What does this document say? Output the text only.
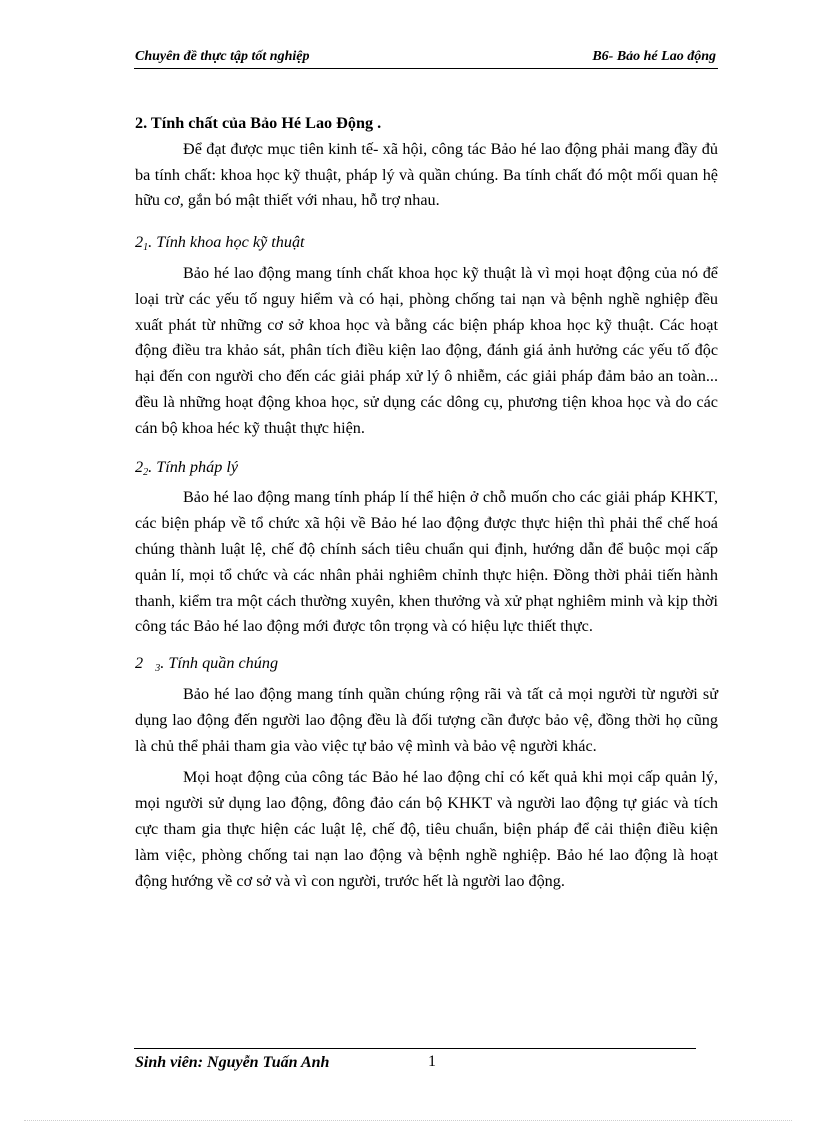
Chuyên đề thực tập tốt nghiệp	B6- Bảo hé Lao động

2. Tính chất của Bảo Hé Lao Động .

Để đạt được mục tiên kinh tế- xã hội, công tác Bảo hé lao động phải mang đầy đủ ba tính chất: khoa học kỹ thuật, pháp lý và quần chúng. Ba tính chất đó một mối quan hệ hữu cơ, gắn bó mật thiết với nhau, hỗ trợ nhau.

$2_1$. Tính khoa học kỹ thuật

Bảo hé lao động mang tính chất khoa học kỹ thuật là vì mọi hoạt động của nó để loại trừ các yếu tố nguy hiểm và có hại, phòng chống tai nạn và bệnh nghề nghiệp đều xuất phát từ những cơ sở khoa học và bằng các biện pháp khoa học kỹ thuật. Các hoạt động điều tra khảo sát, phân tích điều kiện lao động, đánh giá ảnh hưởng các yếu tố độc hại đến con người cho đến các giải pháp xử lý ô nhiễm, các giải pháp đảm bảo an toàn... đều là những hoạt động khoa học, sử dụng các dông cụ, phương tiện khoa học và do các cán bộ khoa héc kỹ thuật thực hiện.

$2_2$. Tính pháp lý

Bảo hé lao động mang tính pháp lí thể hiện ở chỗ muốn cho các giải pháp KHKT, các biện pháp về tổ chức xã hội về Bảo hé lao động được thực hiện thì phải thể chế hoá chúng thành luật lệ, chế độ chính sách tiêu chuẩn qui định, hướng dẫn để buộc mọi cấp quản lí, mọi tổ chức và các nhân phải nghiêm chỉnh thực hiện. Đồng thời phải tiến hành thanh, kiểm tra một cách thường xuyên, khen thưởng và xử phạt nghiêm minh và kịp thời công tác Bảo hé lao động mới được tôn trọng và có hiệu lực thiết thực.

2 $_3$. Tính quần chúng

Bảo hé lao động mang tính quần chúng rộng rãi và tất cả mọi người từ người sử dụng lao động đến người lao động đều là đối tượng cần được bảo vệ, đồng thời họ cũng là chủ thể phải tham gia vào việc tự bảo vệ mình và bảo vệ người khác.

Mọi hoạt động của công tác Bảo hé lao động chỉ có kết quả khi mọi cấp quản lý, mọi người sử dụng lao động, đông đảo cán bộ KHKT và người lao động tự giác và tích cực tham gia thực hiện các luật lệ, chế độ, tiêu chuẩn, biện pháp để cải thiện điều kiện làm việc, phòng chống tai nạn lao động và bệnh nghề nghiệp. Bảo hé lao động là hoạt động hướng về cơ sở và vì con người, trước hết là người lao động.

Sinh viên: Nguyễn Tuấn Anh	1
